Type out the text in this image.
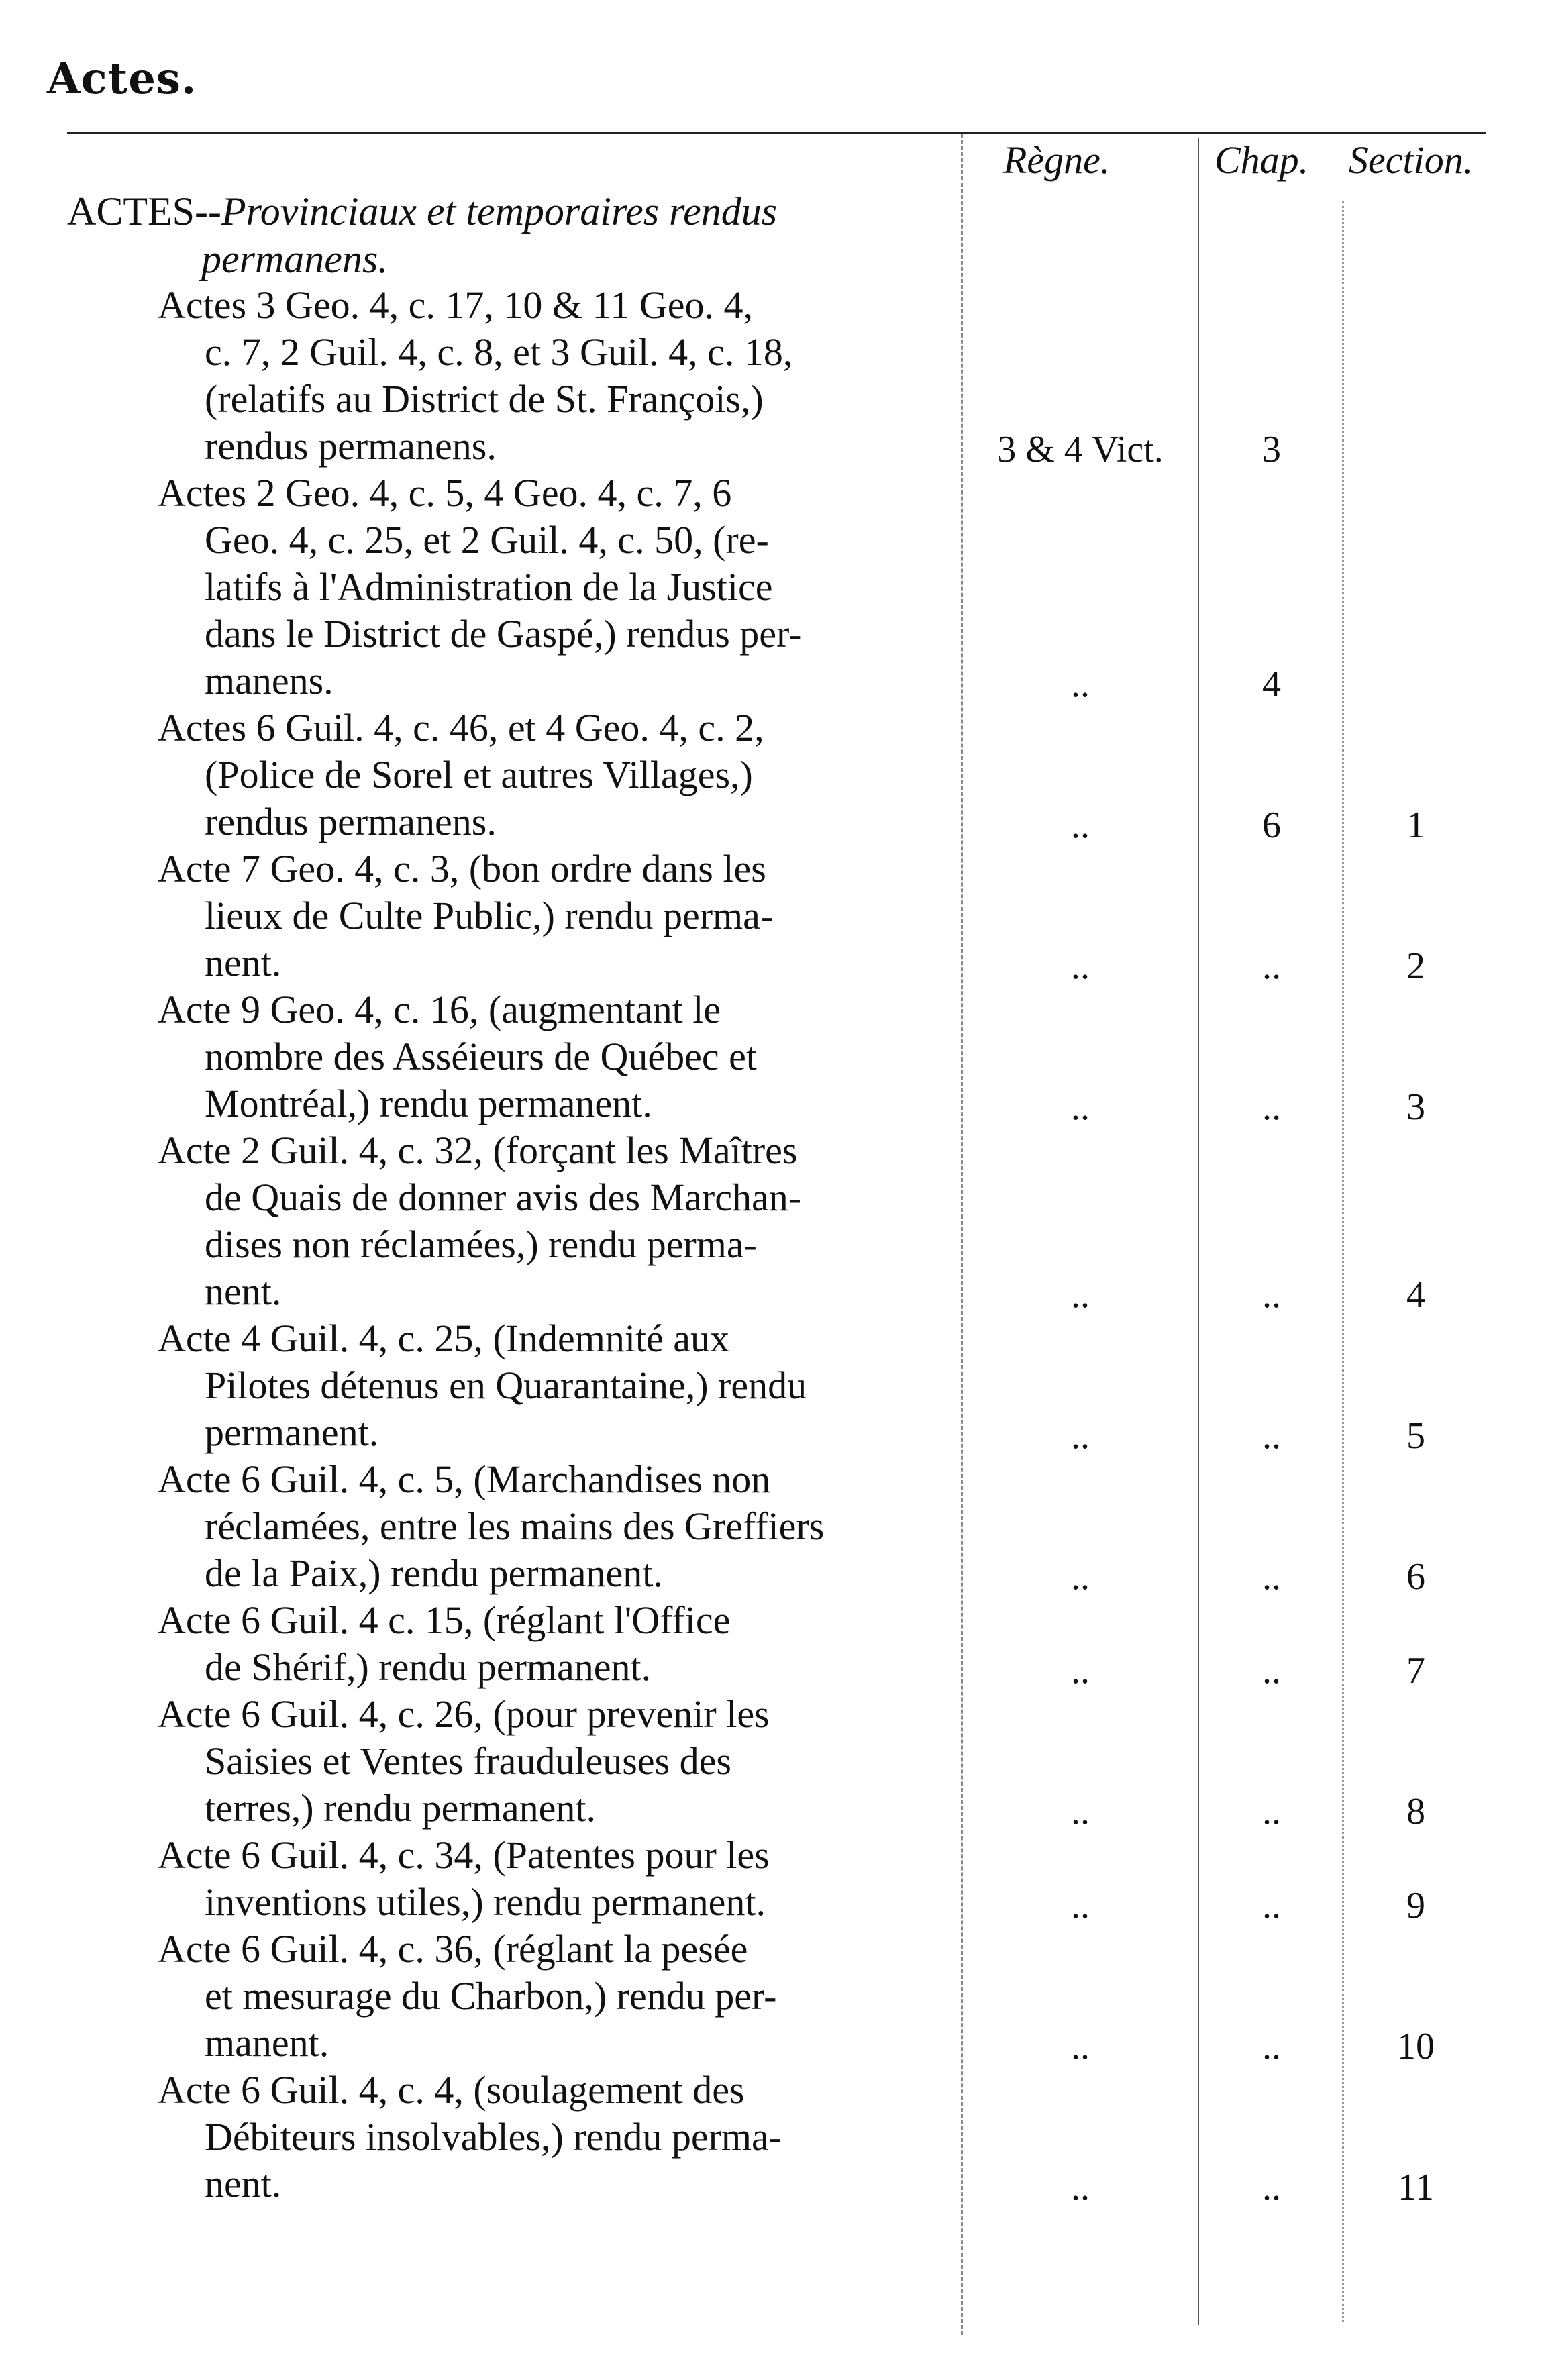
Actes.
Règne.	Chap. Section.
ACTES--Provinciaux et temporaires rendus
permanens.
Actes 3 Geo. 4, c. 17, 10 & 11 Geo. 4,
c. 7, 2 Guil. 4, c. 8, et 3 Guil. 4, c. 18,
(relatifs au District de St. François,)
rendus permanens.	3 & 4 Vict.	3
Actes 2 Geo. 4, c. 5, 4 Geo. 4, c. 7, 6
Geo. 4, c. 25, et 2 Guil. 4, c. 50, (re-
latifs à l'Administration de la Justice
dans le District de Gaspé,) rendus per-
manens.	..	4
Actes 6 Guil. 4, c. 46, et 4 Geo. 4, c. 2,
(Police de Sorel et autres Villages,)
rendus permanens.	..	6	1
Acte 7 Geo. 4, c. 3, (bon ordre dans les
lieux de Culte Public,) rendu perma-
nent.	..	..	2
Acte 9 Geo. 4, c. 16, (augmentant le
nombre des Asséieurs de Québec et
Montréal,) rendu permanent.	..	..	3
Acte 2 Guil. 4, c. 32, (forçant les Maîtres
de Quais de donner avis des Marchan-
dises non réclamées,) rendu perma-
nent.	..	..	4
Acte 4 Guil. 4, c. 25, (Indemnité aux
Pilotes détenus en Quarantaine,) rendu
permanent.	..	..	5
Acte 6 Guil. 4, c. 5, (Marchandises non
réclamées, entre les mains des Greffiers
de la Paix,) rendu permanent.	..	..	6
Acte 6 Guil. 4 c. 15, (réglant l'Office
de Shérif,) rendu permanent.	..	..	7
Acte 6 Guil. 4, c. 26, (pour prevenir les
Saisies et Ventes frauduleuses des
terres,) rendu permanent.	..	..	8
Acte 6 Guil. 4, c. 34, (Patentes pour les
inventions utiles,) rendu permanent.	..	..	9
Acte 6 Guil. 4, c. 36, (réglant la pesée
et mesurage du Charbon,) rendu per-
manent.	..	..	10
Acte 6 Guil. 4, c. 4, (soulagement des
Débiteurs insolvables,) rendu perma-
nent.	..	..	11
